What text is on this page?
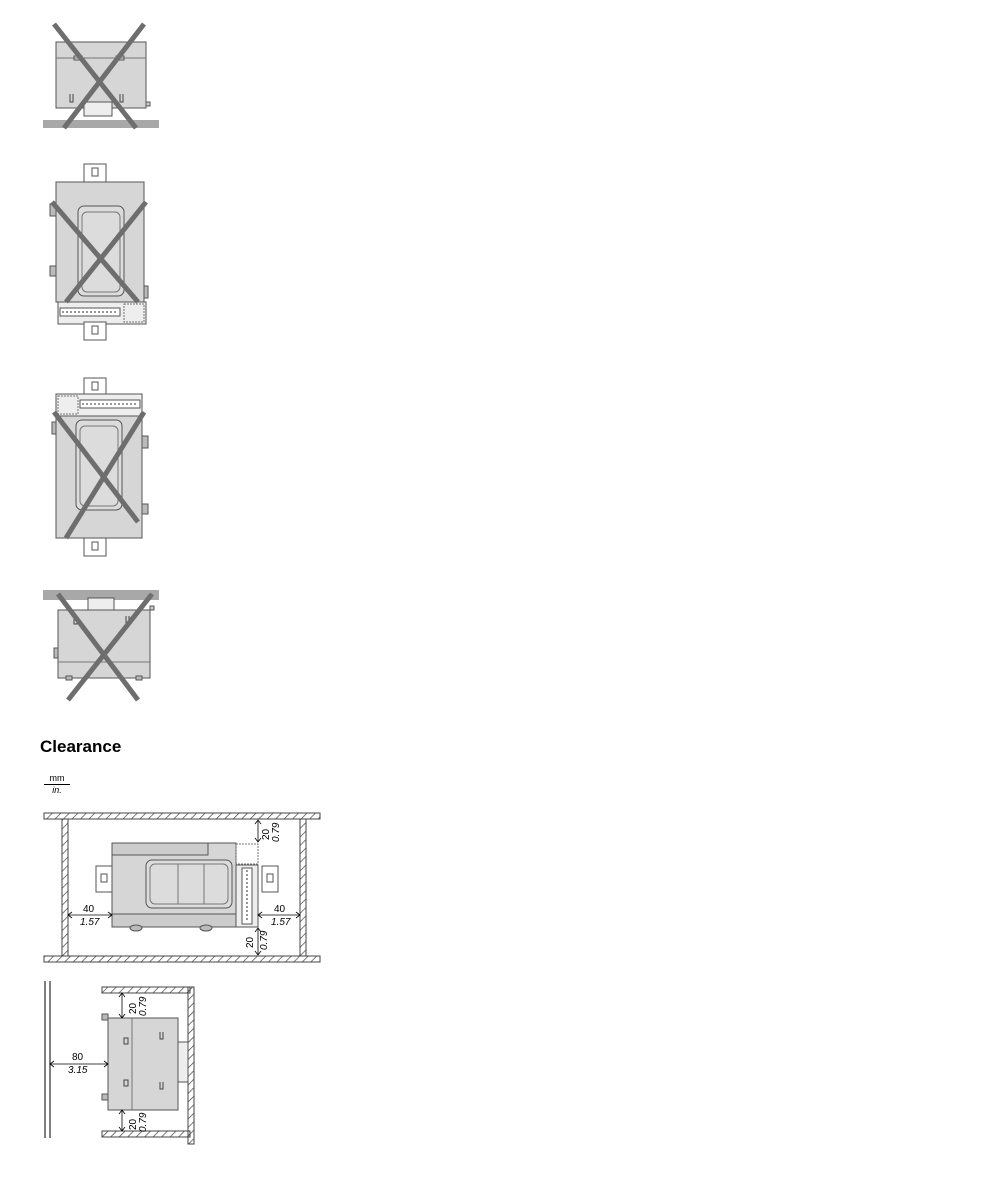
Clearance
$\frac{mm}{in.}$
20 0.79
20 0.79
40
1.57
40
1.57
20 0.79
20 0.79
80
3.15
